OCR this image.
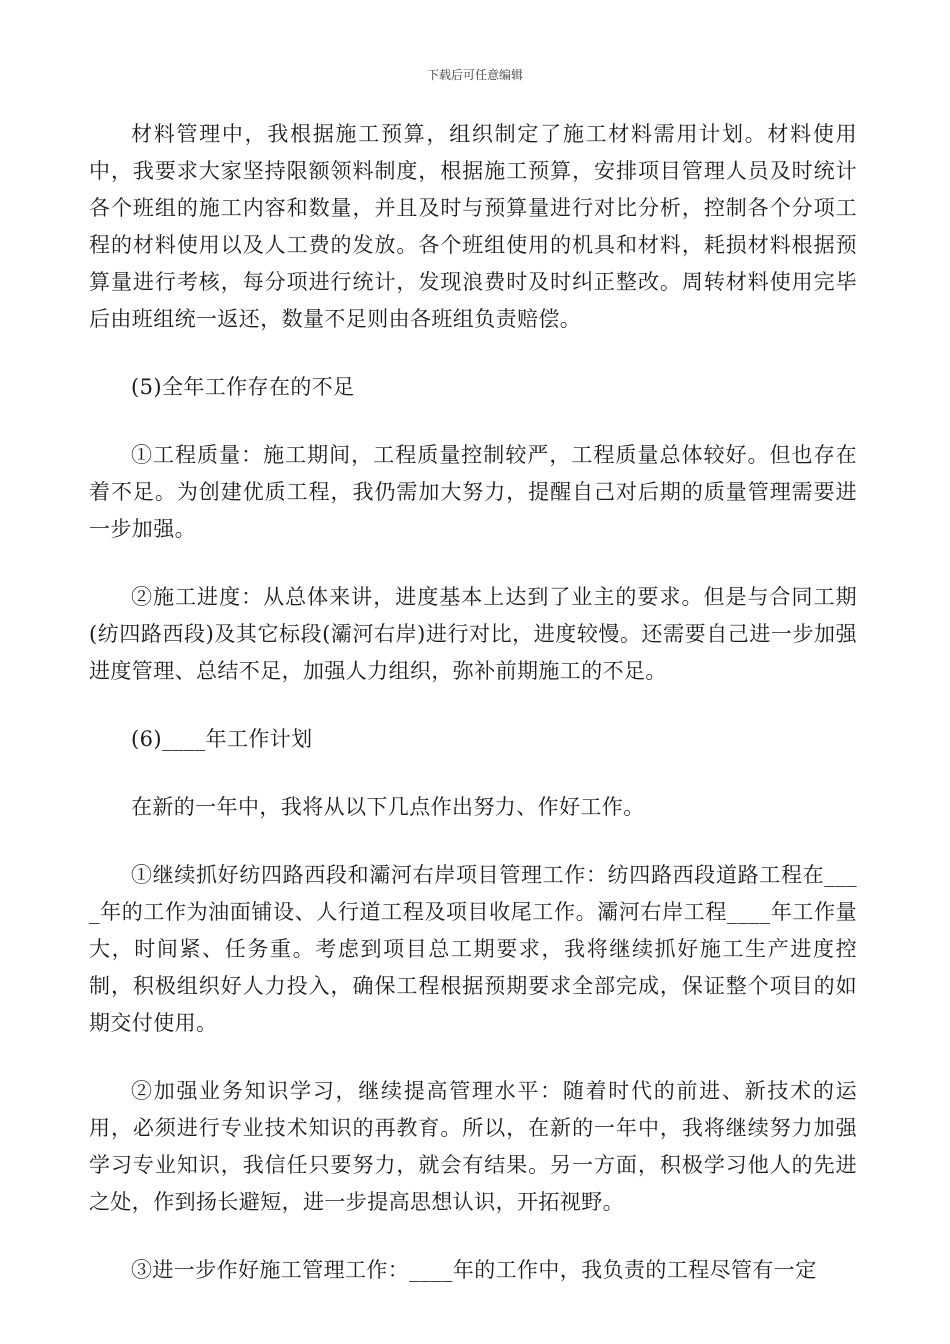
下载后可任意编辑

材料管理中，我根据施工预算，组织制定了施工材料需用计划。材料使用中，我要求大家坚持限额领料制度，根据施工预算，安排项目管理人员及时统计各个班组的施工内容和数量，并且及时与预算量进行对比分析，控制各个分项工程的材料使用以及人工费的发放。各个班组使用的机具和材料，耗损材料根据预算量进行考核，每分项进行统计，发现浪费时及时纠正整改。周转材料使用完毕后由班组统一返还，数量不足则由各班组负责赔偿。

(5)全年工作存在的不足

①工程质量：施工期间，工程质量控制较严，工程质量总体较好。但也存在着不足。为创建优质工程，我仍需加大努力，提醒自己对后期的质量管理需要进一步加强。

②施工进度：从总体来讲，进度基本上达到了业主的要求。但是与合同工期(纺四路西段)及其它标段(灞河右岸)进行对比，进度较慢。还需要自己进一步加强进度管理、总结不足，加强人力组织，弥补前期施工的不足。

(6)____年工作计划

在新的一年中，我将从以下几点作出努力、作好工作。

①继续抓好纺四路西段和灞河右岸项目管理工作：纺四路西段道路工程在____年的工作为油面铺设、人行道工程及项目收尾工作。灞河右岸工程____年工作量大，时间紧、任务重。考虑到项目总工期要求，我将继续抓好施工生产进度控制，积极组织好人力投入，确保工程根据预期要求全部完成，保证整个项目的如期交付使用。

②加强业务知识学习，继续提高管理水平：随着时代的前进、新技术的运用，必须进行专业技术知识的再教育。所以，在新的一年中，我将继续努力加强学习专业知识，我信任只要努力，就会有结果。另一方面，积极学习他人的先进之处，作到扬长避短，进一步提高思想认识，开拓视野。

③进一步作好施工管理工作：____年的工作中，我负责的工程尽管有一定
